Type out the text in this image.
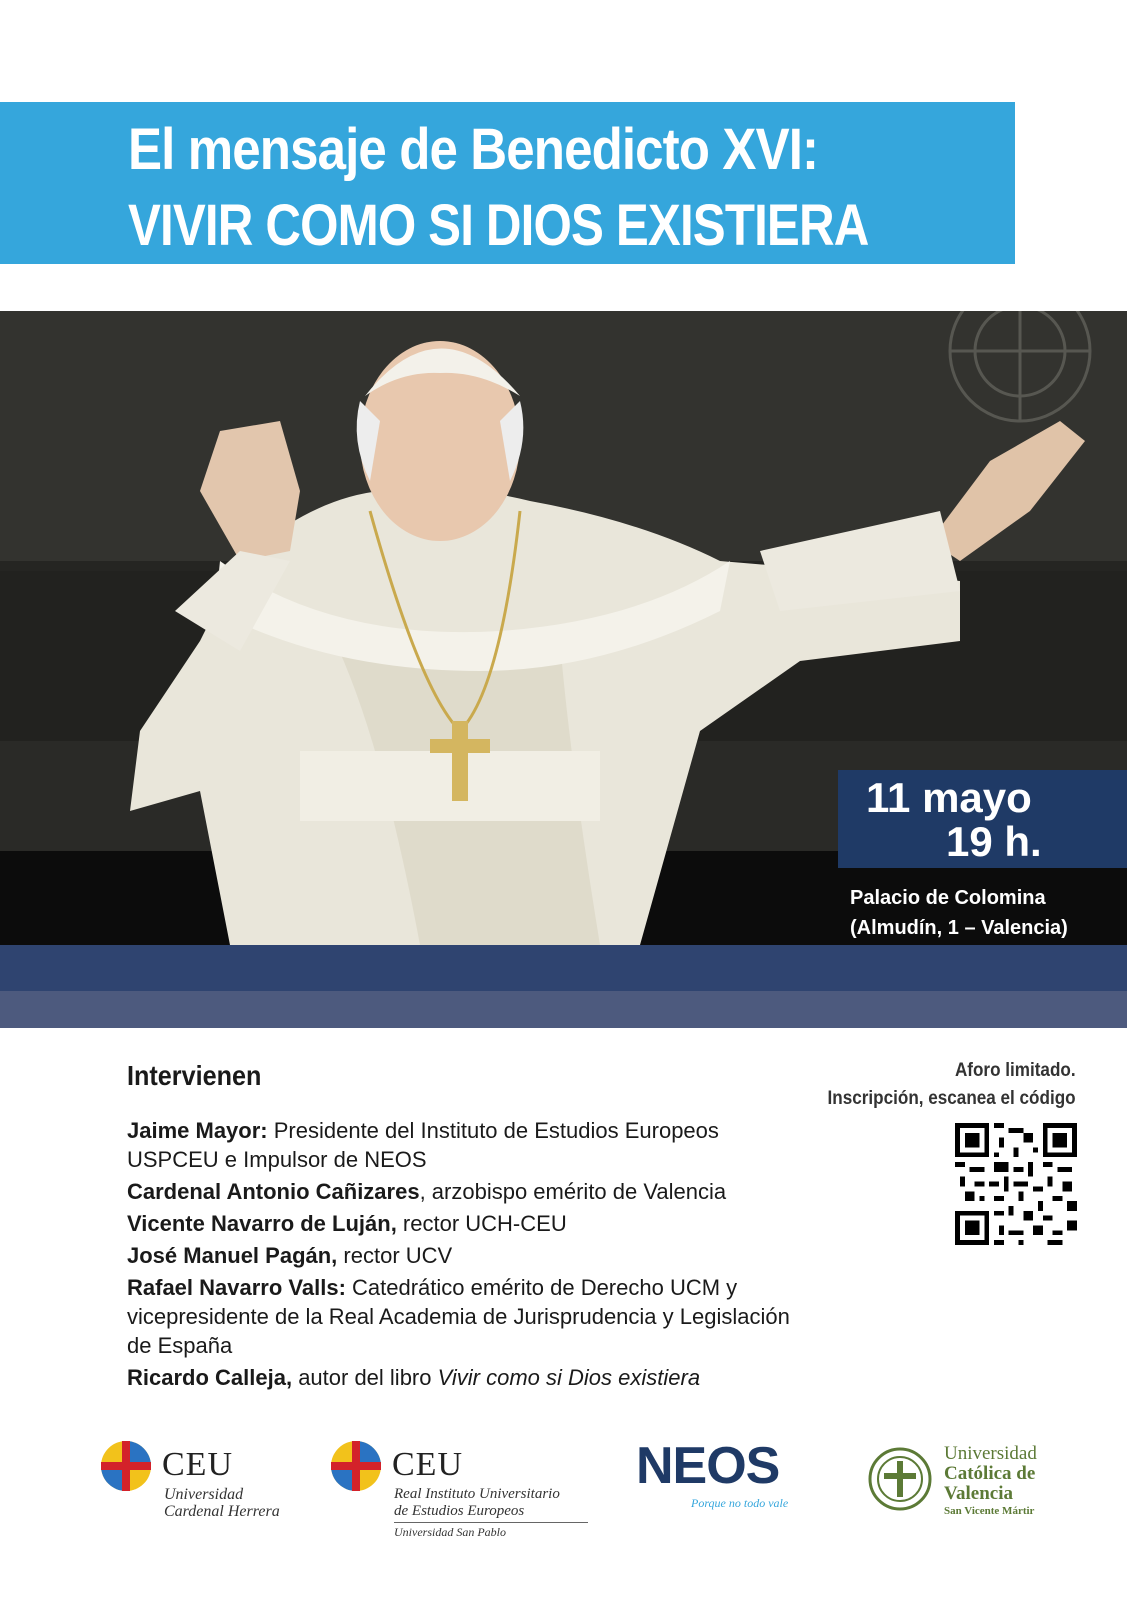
El mensaje de Benedicto XVI:
VIVIR COMO SI DIOS EXISTIERA
11 mayo
19 h.
Palacio de Colomina
(Almudín, 1 – Valencia)
Intervienen
Jaime Mayor: Presidente del Instituto de Estudios Europeos USPCEU e Impulsor de NEOS
Cardenal Antonio Cañizares, arzobispo emérito de Valencia
Vicente Navarro de Luján, rector UCH-CEU
José Manuel Pagán, rector UCV
Rafael Navarro Valls: Catedrático emérito de Derecho UCM y vicepresidente de la Real Academia de Jurisprudencia y Legislación de España
Ricardo Calleja, autor del libro Vivir como si Dios existiera
Aforo limitado.
Inscripción, escanea el código
CEU
Universidad
Cardenal Herrera
CEU
Real Instituto Universitario
de Estudios Europeos
Universidad San Pablo
NEOS
Porque no todo vale
Universidad
Católica de
Valencia
San Vicente Mártir
